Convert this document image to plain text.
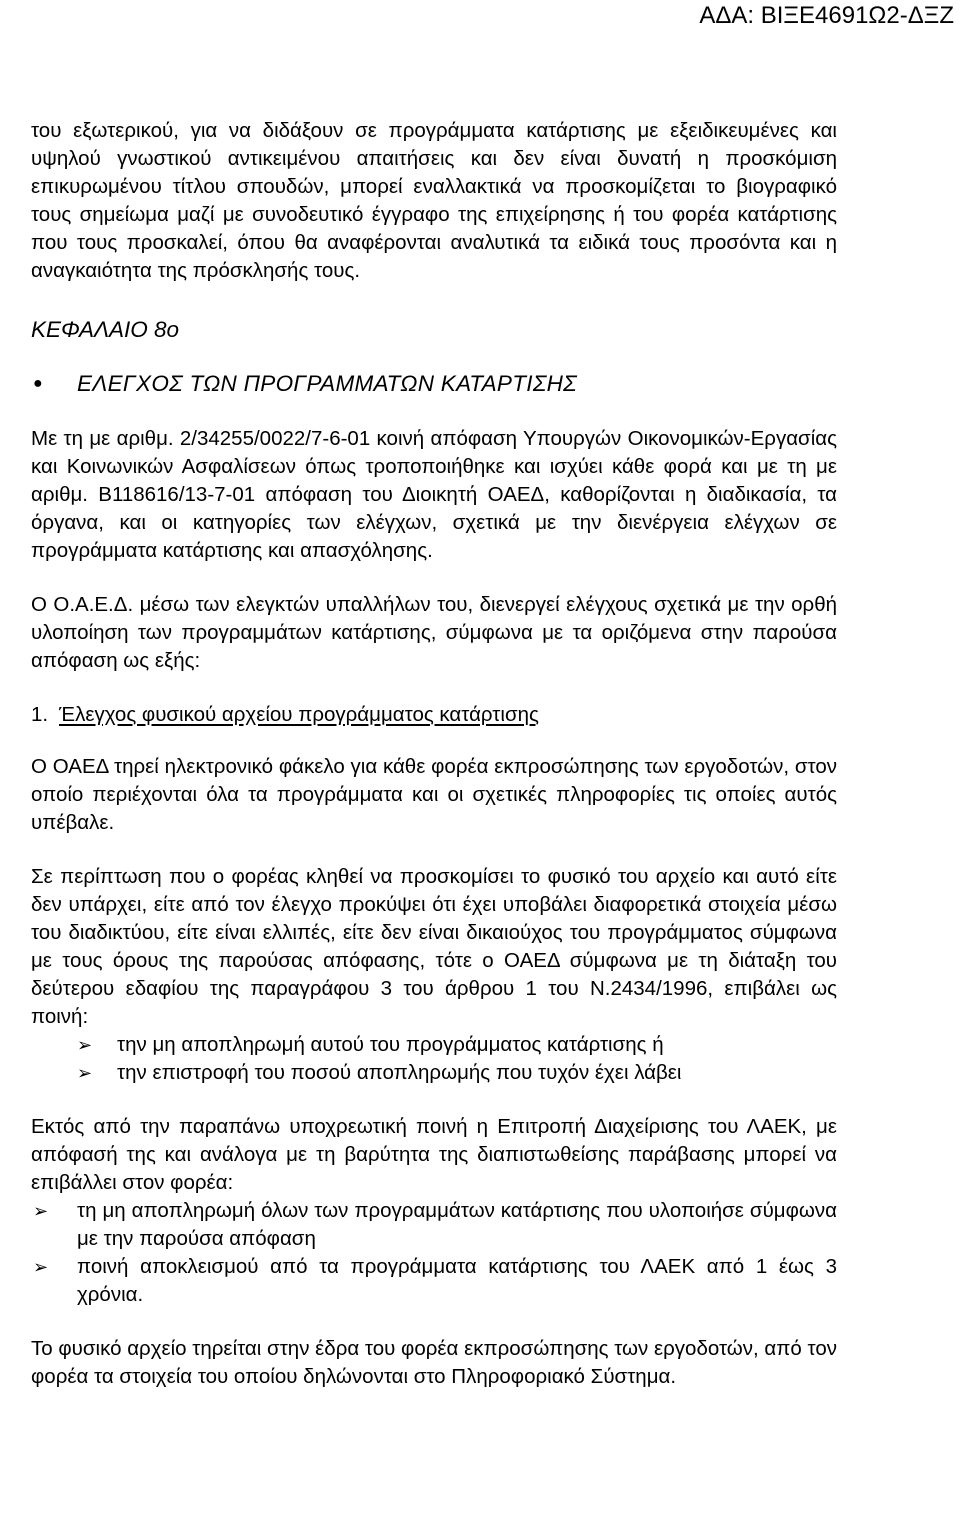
ΑΔΑ: ΒΙΞΕ4691Ω2-ΔΞΖ

του εξωτερικού, για να διδάξουν σε προγράμματα κατάρτισης με εξειδικευμένες και υψηλού γνωστικού αντικειμένου απαιτήσεις και δεν είναι δυνατή η προσκόμιση επικυρωμένου τίτλου σπουδών, μπορεί εναλλακτικά να προσκομίζεται το βιογραφικό τους σημείωμα μαζί με συνοδευτικό έγγραφο της επιχείρησης ή του φορέα κατάρτισης που τους προσκαλεί, όπου θα αναφέρονται αναλυτικά τα ειδικά τους προσόντα και η αναγκαιότητα της πρόσκλησής τους.

ΚΕΦΑΛΑΙΟ 8ο
●	ΕΛΕΓΧΟΣ ΤΩΝ ΠΡΟΓΡΑΜΜΑΤΩΝ ΚΑΤΑΡΤΙΣΗΣ

Με τη με αριθμ. 2/34255/0022/7-6-01 κοινή απόφαση Υπουργών Οικονομικών-Εργασίας και Κοινωνικών Ασφαλίσεων όπως τροποποιήθηκε και ισχύει κάθε φορά και με τη με αριθμ. Β118616/13-7-01 απόφαση του Διοικητή ΟΑΕΔ, καθορίζονται η διαδικασία, τα όργανα, και οι κατηγορίες των ελέγχων, σχετικά με την διενέργεια ελέγχων σε προγράμματα κατάρτισης και απασχόλησης.

Ο Ο.Α.Ε.Δ. μέσω των ελεγκτών υπαλλήλων του, διενεργεί ελέγχους σχετικά με την ορθή υλοποίηση των προγραμμάτων κατάρτισης, σύμφωνα με τα οριζόμενα στην παρούσα απόφαση ως εξής:

1. Έλεγχος φυσικού αρχείου προγράμματος κατάρτισης

Ο ΟΑΕΔ τηρεί ηλεκτρονικό φάκελο για κάθε φορέα εκπροσώπησης των εργοδοτών, στον οποίο περιέχονται όλα τα προγράμματα και οι σχετικές πληροφορίες τις οποίες αυτός υπέβαλε.

Σε περίπτωση που ο φορέας κληθεί να προσκομίσει το φυσικό του αρχείο και αυτό είτε δεν υπάρχει, είτε από τον έλεγχο προκύψει ότι έχει υποβάλει διαφορετικά στοιχεία μέσω του διαδικτύου, είτε είναι ελλιπές, είτε δεν είναι δικαιούχος του προγράμματος σύμφωνα με τους όρους της παρούσας απόφασης, τότε ο ΟΑΕΔ σύμφωνα με τη διάταξη του δεύτερου εδαφίου της παραγράφου 3 του άρθρου 1 του Ν.2434/1996, επιβάλει ως ποινή:

➢ την μη αποπληρωμή αυτού του προγράμματος κατάρτισης ή
➢ την επιστροφή του ποσού αποπληρωμής που τυχόν έχει λάβει

Εκτός από την παραπάνω υποχρεωτική ποινή η Επιτροπή Διαχείρισης του ΛΑΕΚ, με απόφασή της και ανάλογα με τη βαρύτητα της διαπιστωθείσης παράβασης μπορεί να επιβάλλει στον φορέα:

➢ τη μη αποπληρωμή όλων των προγραμμάτων κατάρτισης που υλοποιήσε σύμφωνα με την παρούσα απόφαση
➢ ποινή αποκλεισμού από τα προγράμματα κατάρτισης του ΛΑΕΚ από 1 έως 3 χρόνια.

Το φυσικό αρχείο τηρείται στην έδρα του φορέα εκπροσώπησης των εργοδοτών, από τον φορέα τα στοιχεία του οποίου δηλώνονται στο Πληροφοριακό Σύστημα.
